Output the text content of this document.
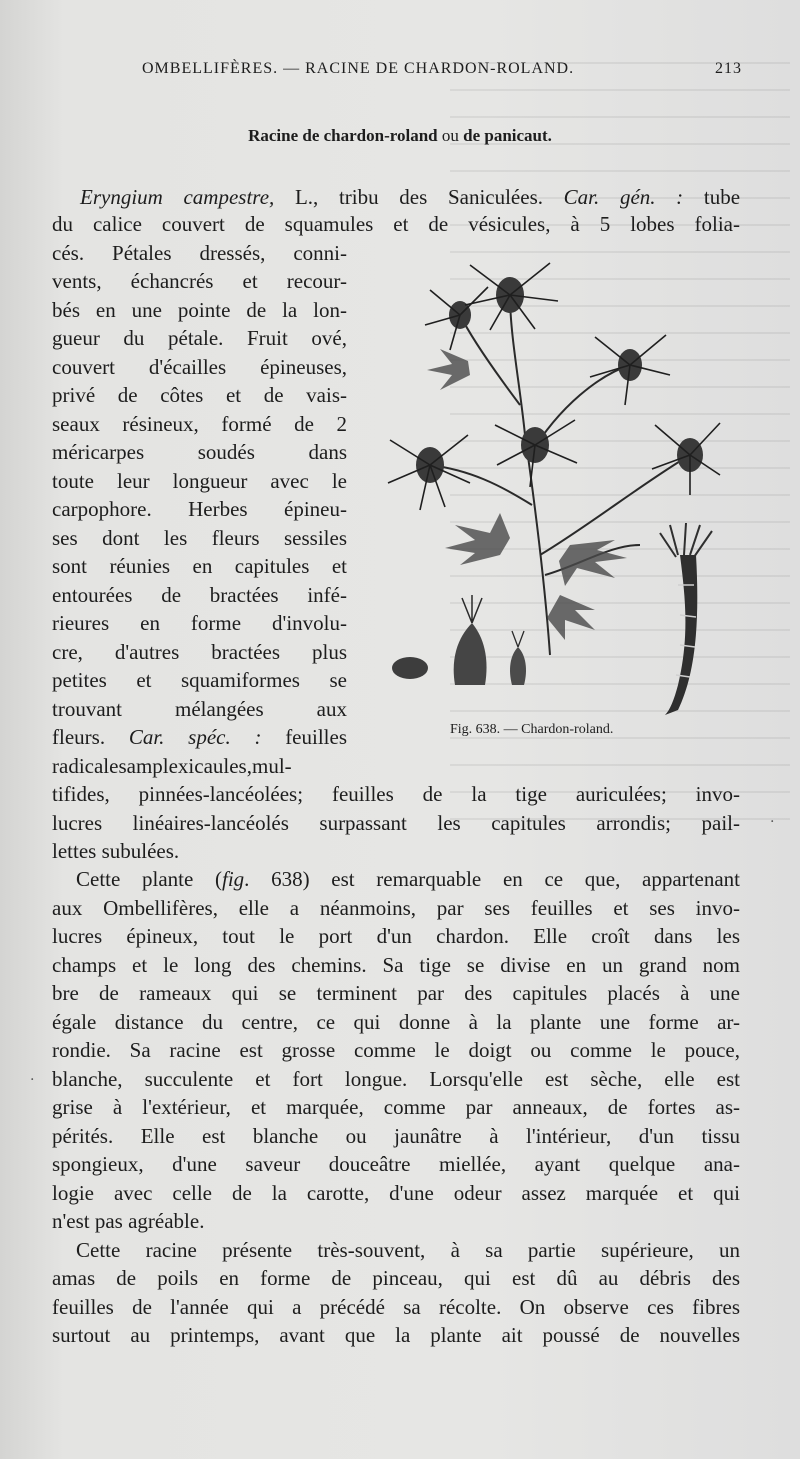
OMBELLIFÈRES. — RACINE DE CHARDON-ROLAND.	213
Racine de chardon-roland ou de panicaut.
Eryngium campestre, L., tribu des Saniculées. Car. gén. : tube
du calice couvert de squamules et de vésicules, à 5 lobes folia-
cés. Pétales dressés, conni-
vents, échancrés et recour-
bés en une pointe de la lon-
gueur du pétale. Fruit ové,
couvert d'écailles épineuses,
privé de côtes et de vais-
seaux résineux, formé de 2
méricarpes soudés dans
toute leur longueur avec le
carpophore. Herbes épineu-
ses dont les fleurs sessiles
sont réunies en capitules et
entourées de bractées infé-
rieures en forme d'involu-
cre, d'autres bractées plus
petites et squamiformes se
trouvant mélangées aux
fleurs. Car. spéc. : feuilles
radicalesamplexicaules,mul-
tifides, pinnées-lancéolées; feuilles de la tige auriculées; invo-
lucres linéaires-lancéolés surpassant les capitules arrondis; pail-
lettes subulées.
Cette plante (fig. 638) est remarquable en ce que, appartenant
aux Ombellifères, elle a néanmoins, par ses feuilles et ses invo-
lucres épineux, tout le port d'un chardon. Elle croît dans les
champs et le long des chemins. Sa tige se divise en un grand nom
bre de rameaux qui se terminent par des capitules placés à une
égale distance du centre, ce qui donne à la plante une forme ar-
rondie. Sa racine est grosse comme le doigt ou comme le pouce,
blanche, succulente et fort longue. Lorsqu'elle est sèche, elle est
grise à l'extérieur, et marquée, comme par anneaux, de fortes as-
pérités. Elle est blanche ou jaunâtre à l'intérieur, d'un tissu
spongieux, d'une saveur douceâtre miellée, ayant quelque ana-
logie avec celle de la carotte, d'une odeur assez marquée et qui
n'est pas agréable.
Cette racine présente très-souvent, à sa partie supérieure, un
amas de poils en forme de pinceau, qui est dû au débris des
feuilles de l'année qui a précédé sa récolte. On observe ces fibres
surtout au printemps, avant que la plante ait poussé de nouvelles
Fig. 638. — Chardon-roland.
.
.
